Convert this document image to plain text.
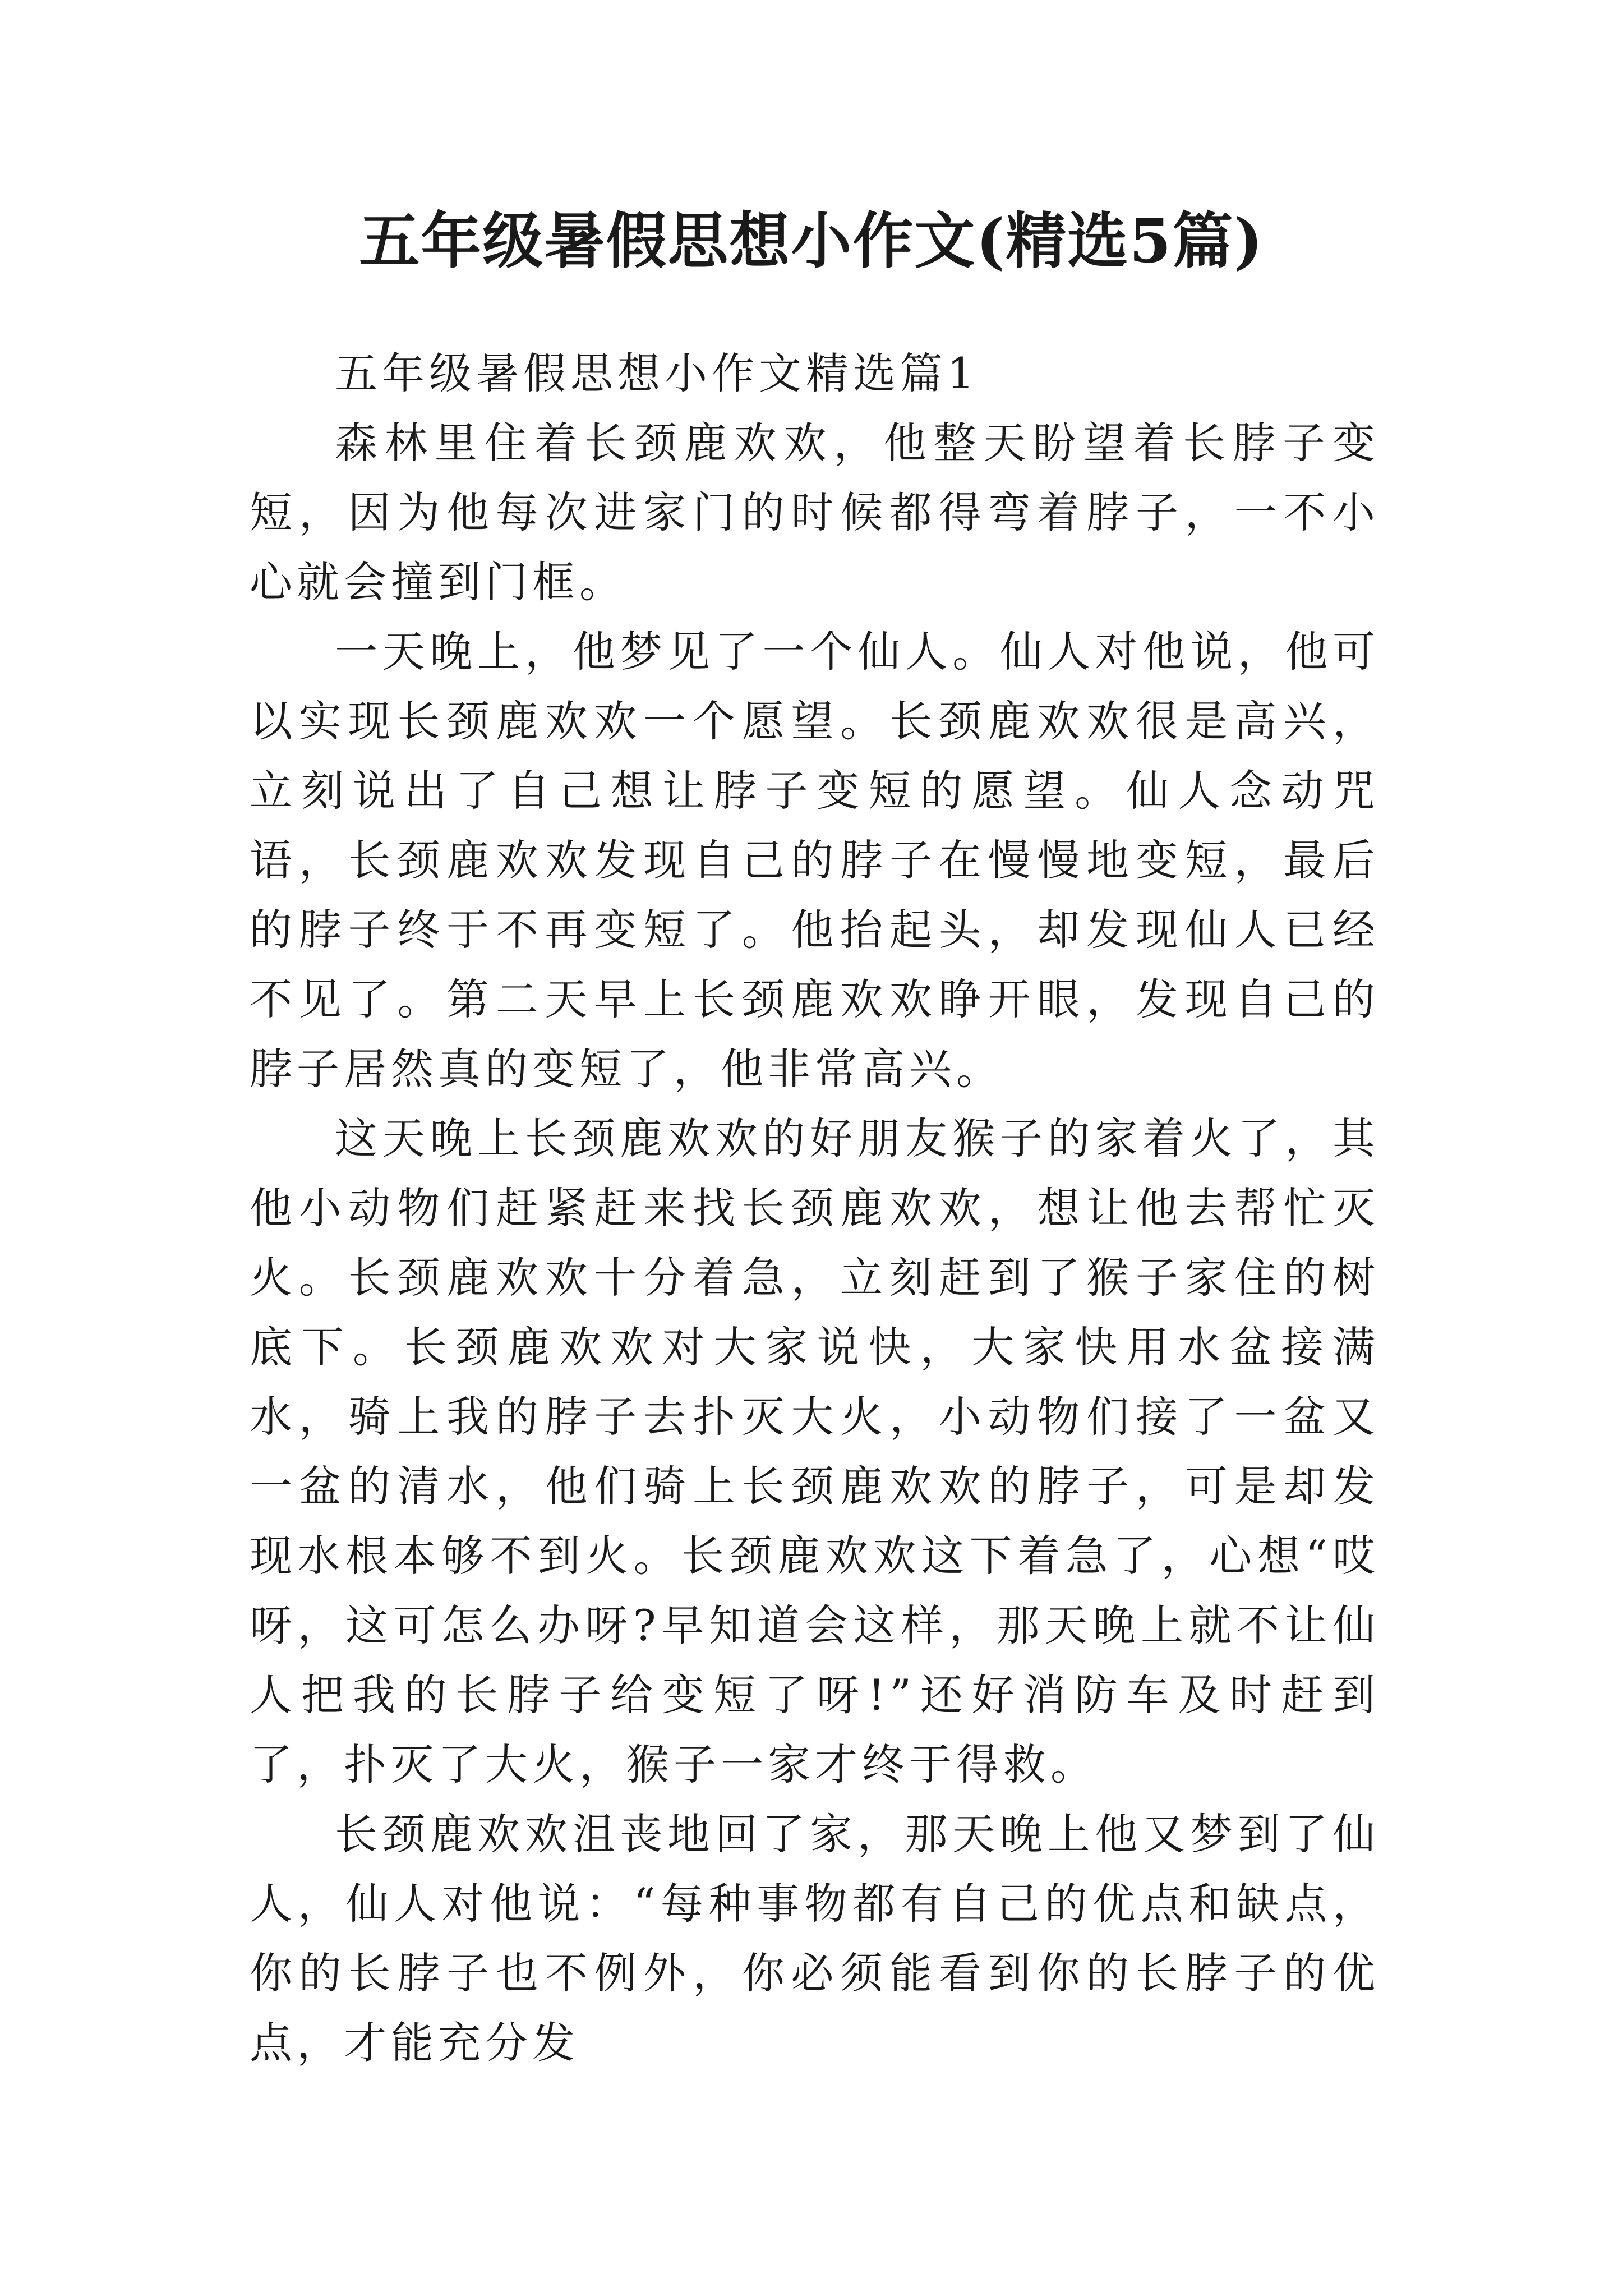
五年级暑假思想小作文(精选5篇)

五年级暑假思想小作文精选篇1

森林里住着长颈鹿欢欢，他整天盼望着长脖子变短，因为他每次进家门的时候都得弯着脖子，一不小心就会撞到门框。

一天晚上，他梦见了一个仙人。仙人对他说，他可以实现长颈鹿欢欢一个愿望。长颈鹿欢欢很是高兴，立刻说出了自己想让脖子变短的愿望。仙人念动咒语，长颈鹿欢欢发现自己的脖子在慢慢地变短，最后的脖子终于不再变短了。他抬起头，却发现仙人已经不见了。第二天早上长颈鹿欢欢睁开眼，发现自己的脖子居然真的变短了，他非常高兴。

这天晚上长颈鹿欢欢的好朋友猴子的家着火了，其他小动物们赶紧赶来找长颈鹿欢欢，想让他去帮忙灭火。长颈鹿欢欢十分着急，立刻赶到了猴子家住的树底下。长颈鹿欢欢对大家说快，大家快用水盆接满水，骑上我的脖子去扑灭大火，小动物们接了一盆又一盆的清水，他们骑上长颈鹿欢欢的脖子，可是却发现水根本够不到火。长颈鹿欢欢这下着急了，心想“哎呀，这可怎么办呀?早知道会这样，那天晚上就不让仙人把我的长脖子给变短了呀!”还好消防车及时赶到了，扑灭了大火，猴子一家才终于得救。

长颈鹿欢欢沮丧地回了家，那天晚上他又梦到了仙人，仙人对他说：“每种事物都有自己的优点和缺点，你的长脖子也不例外，你必须能看到你的长脖子的优点，才能充分发
